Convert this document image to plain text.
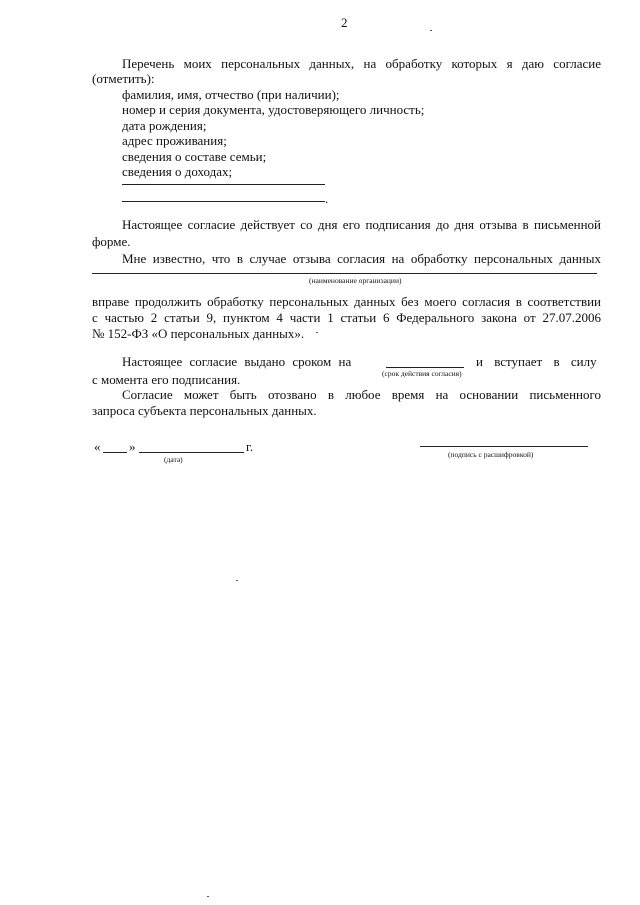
2
Перечень моих персональных данных, на обработку которых я даю согласие
(отметить):
фамилия, имя, отчество (при наличии);
номер и серия документа, удостоверяющего личность;
дата рождения;
адрес проживания;
сведения о составе семьи;
сведения о доходах;
.
Настоящее согласие действует со дня его подписания до дня отзыва в письменной
форме.
Мне известно, что в случае отзыва согласия на обработку персональных данных
(наименование организации)
вправе продолжить обработку персональных данных без моего согласия в соответствии
с частью 2 статьи 9, пунктом 4 части 1 статьи 6 Федерального закона от 27.07.2006
№ 152-ФЗ «О персональных данных».
Настоящее согласие выдано сроком на	и вступает в силу
(срок действия согласия)
с момента его подписания.
Согласие может быть отозвано в любое время на основании письменного
запроса субъекта персональных данных.
« »	г.
(дата)
(подпись с расшифровкой)
